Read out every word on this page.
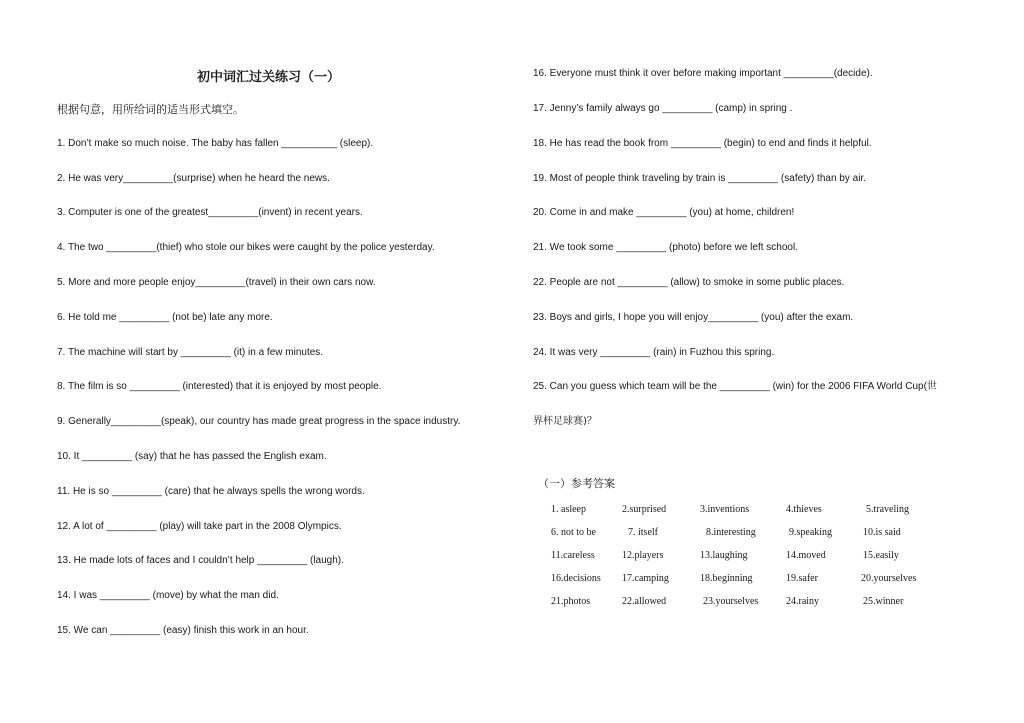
初中词汇过关练习（一）
根据句意，用所给词的适当形式填空。
1. Don’t make so much noise. The baby has fallen __________ (sleep).
2. He was very_________(surprise) when he heard the news.
3. Computer is one of the greatest_________(invent) in recent years.
4. The two _________(thief) who stole our bikes were caught by the police yesterday.
5. More and more people enjoy_________(travel) in their own cars now.
6. He told me _________ (not be) late any more.
7. The machine will start by _________ (it) in a few minutes.
8. The film is so _________ (interested) that it is enjoyed by most people.
9. Generally_________(speak), our country has made great progress in the space industry.
10. It _________ (say) that he has passed the English exam.
11. He is so _________ (care) that he always spells the wrong words.
12. A lot of _________ (play) will take part in the 2008 Olympics.
13. He made lots of faces and I couldn’t help _________ (laugh).
14. I was _________ (move) by what the man did.
15. We can _________ (easy) finish this work in an hour.
16. Everyone must think it over before making important _________(decide).
17. Jenny’s family always go _________ (camp) in spring .
18. He has read the book from _________ (begin) to end and finds it helpful.
19. Most of people think traveling by train is _________ (safety) than by air.
20. Come in and make _________ (you) at home, children!
21. We took some _________ (photo) before we left school.
22. People are not _________ (allow) to smoke in some public places.
23. Boys and girls, I hope you will enjoy_________ (you) after the exam.
24. It was very _________ (rain) in Fuzhou this spring.
25. Can you guess which team will be the _________ (win) for the 2006 FIFA World Cup(世
界杯足球赛)？
（一）参考答案
1. asleep	2.surprised	3.inventions	4.thieves	5.traveling
6. not to be	7. itself	8.interesting	9.speaking	10.is said
11.careless	12.players	13.laughing	14.moved	15.easily
16.decisions 17.camping	18.beginning	19.safer	20.yourselves
21.photos	22.allowed	23.yourselves	24.rainy	25.winner
